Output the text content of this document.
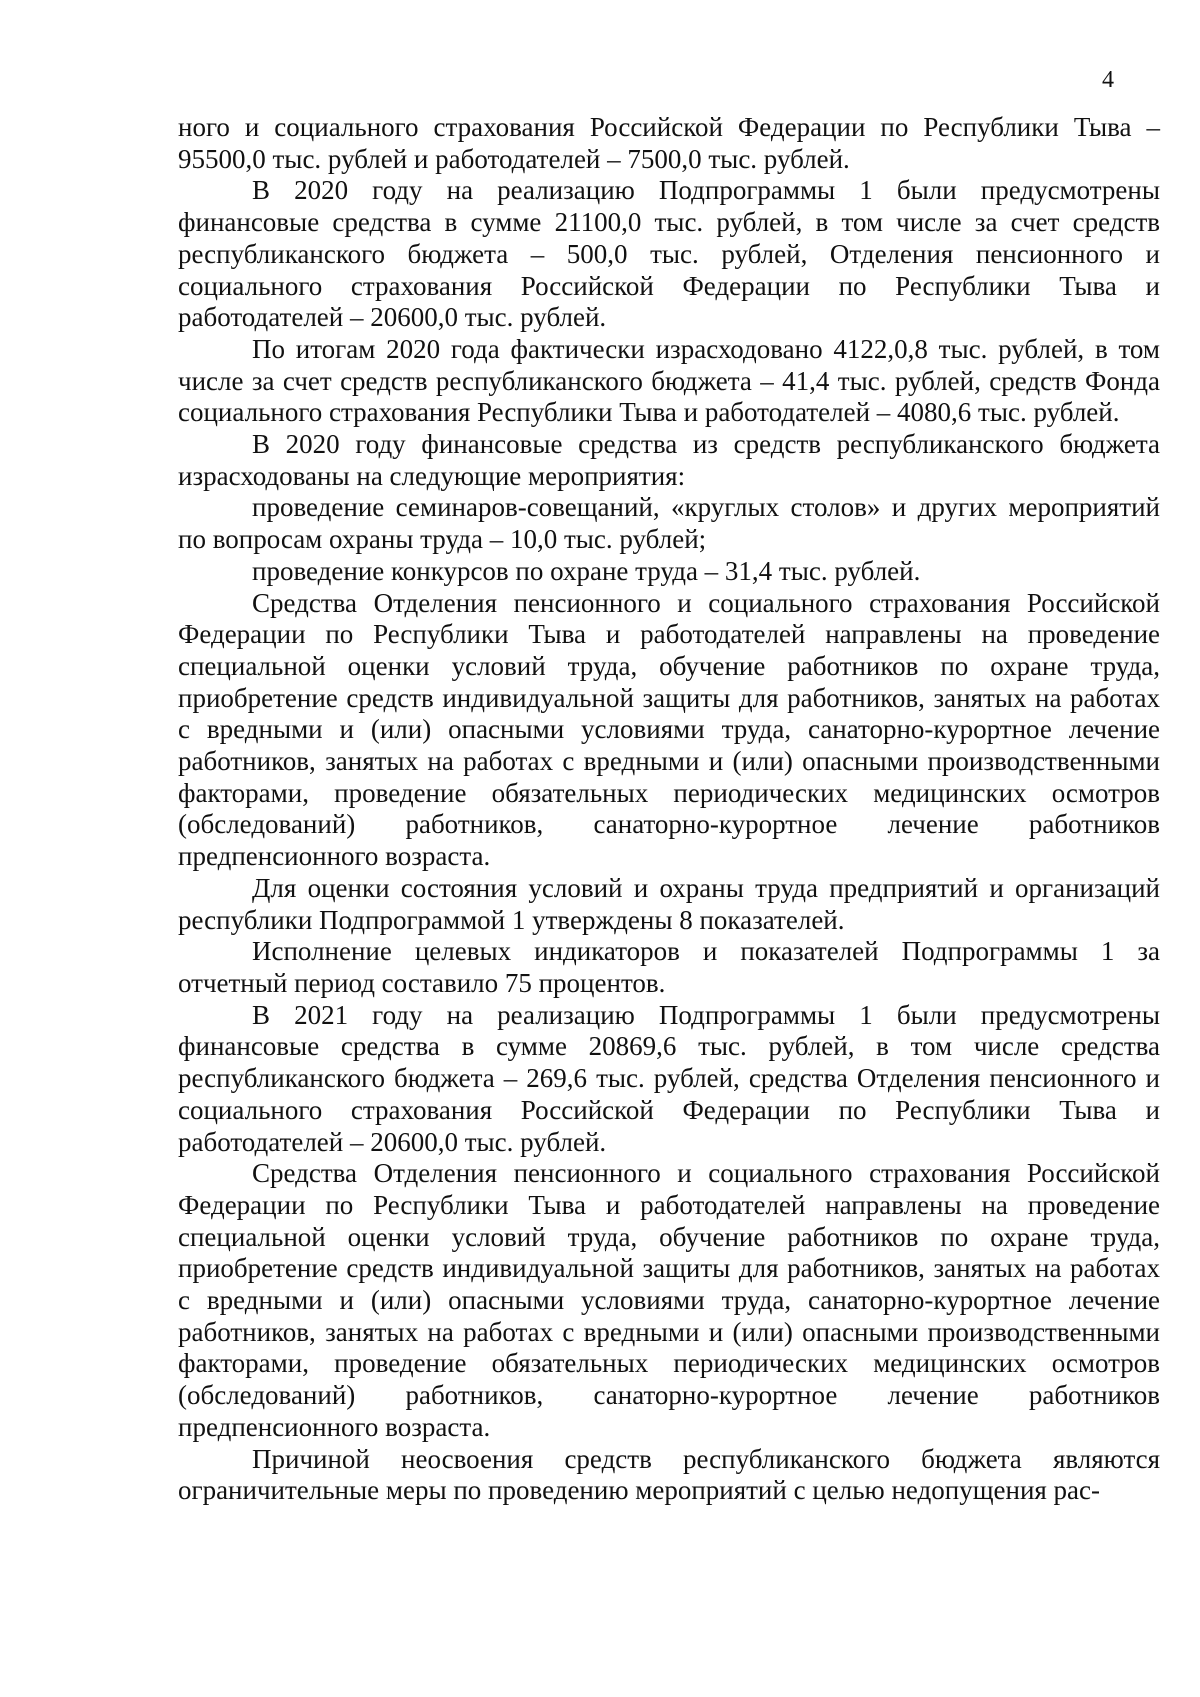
4

ного и социального страхования Российской Федерации по Республики Тыва – 95500,0 тыс. рублей и работодателей – 7500,0 тыс. рублей.

В 2020 году на реализацию Подпрограммы 1 были предусмотрены финансовые средства в сумме 21100,0 тыс. рублей, в том числе за счет средств республиканского бюджета – 500,0 тыс. рублей, Отделения пенсионного и социального страхования Российской Федерации по Республики Тыва и работодателей – 20600,0 тыс. рублей.

По итогам 2020 года фактически израсходовано 4122,0,8 тыс. рублей, в том числе за счет средств республиканского бюджета – 41,4 тыс. рублей, средств Фонда социального страхования Республики Тыва и работодателей – 4080,6 тыс. рублей.

В 2020 году финансовые средства из средств республиканского бюджета израсходованы на следующие мероприятия:

проведение семинаров-совещаний, «круглых столов» и других мероприятий по вопросам охраны труда – 10,0 тыс. рублей;

проведение конкурсов по охране труда – 31,4 тыс. рублей.

Средства Отделения пенсионного и социального страхования Российской Федерации по Республики Тыва и работодателей направлены на проведение специальной оценки условий труда, обучение работников по охране труда, приобретение средств индивидуальной защиты для работников, занятых на работах с вредными и (или) опасными условиями труда, санаторно-курортное лечение работников, занятых на работах с вредными и (или) опасными производственными факторами, проведение обязательных периодических медицинских осмотров (обследований) работников, санаторно-курортное лечение работников предпенсионного возраста.

Для оценки состояния условий и охраны труда предприятий и организаций республики Подпрограммой 1 утверждены 8 показателей.

Исполнение целевых индикаторов и показателей Подпрограммы 1 за отчетный период составило 75 процентов.

В 2021 году на реализацию Подпрограммы 1 были предусмотрены финансовые средства в сумме 20869,6 тыс. рублей, в том числе средства республиканского бюджета – 269,6 тыс. рублей, средства Отделения пенсионного и социального страхования Российской Федерации по Республики Тыва и работодателей – 20600,0 тыс. рублей.

Средства Отделения пенсионного и социального страхования Российской Федерации по Республики Тыва и работодателей направлены на проведение специальной оценки условий труда, обучение работников по охране труда, приобретение средств индивидуальной защиты для работников, занятых на работах с вредными и (или) опасными условиями труда, санаторно-курортное лечение работников, занятых на работах с вредными и (или) опасными производственными факторами, проведение обязательных периодических медицинских осмотров (обследований) работников, санаторно-курортное лечение работников предпенсионного возраста.

Причиной неосвоения средств республиканского бюджета являются ограничительные меры по проведению мероприятий с целью недопущения рас-
